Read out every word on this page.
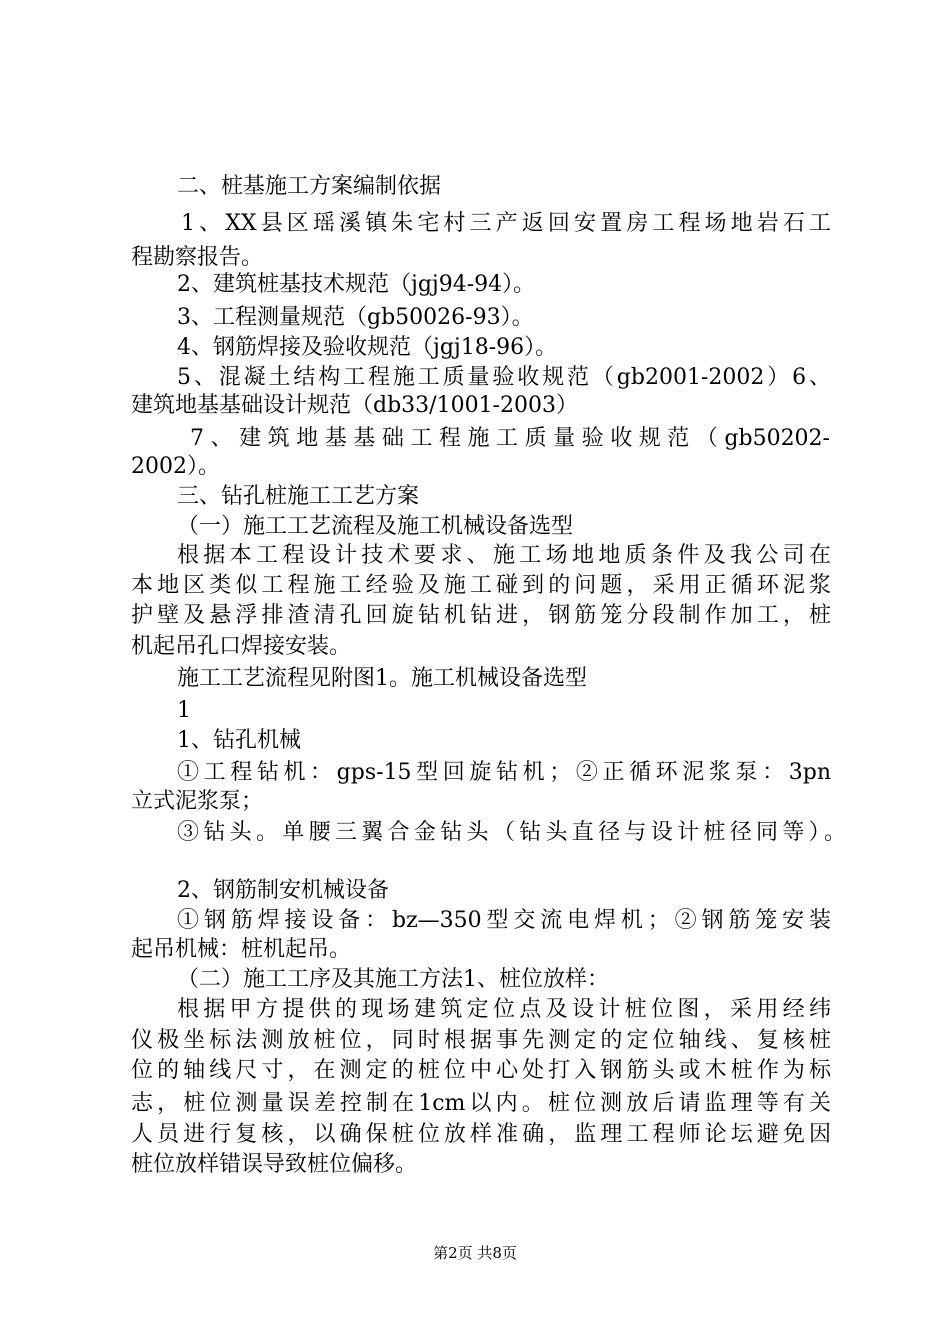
二、桩基施工方案编制依据
1、XX县区瑶溪镇朱宅村三产返回安置房工程场地岩石工
程勘察报告。
2、建筑桩基技术规范（jgj94-94）。
3、工程测量规范（gb50026-93）。
4、钢筋焊接及验收规范（jgj18-96）。
5、混凝土结构工程施工质量验收规范（gb2001-2002）6、
建筑地基基础设计规范（db33/1001-2003）
7、建筑地基基础工程施工质量验收规范（gb50202-
2002）。
三、钻孔桩施工工艺方案
（一）施工工艺流程及施工机械设备选型
根据本工程设计技术要求、施工场地地质条件及我公司在
本地区类似工程施工经验及施工碰到的问题，采用正循环泥浆
护壁及悬浮排渣清孔回旋钻机钻进，钢筋笼分段制作加工，桩
机起吊孔口焊接安装。
施工工艺流程见附图1。施工机械设备选型
1
1、钻孔机械
①工程钻机：gps-15型回旋钻机；②正循环泥浆泵：3pn
立式泥浆泵；
③钻头。单腰三翼合金钻头（钻头直径与设计桩径同等）。
2、钢筋制安机械设备
①钢筋焊接设备：bz—350型交流电焊机；②钢筋笼安装
起吊机械：桩机起吊。
（二）施工工序及其施工方法1、桩位放样：
根据甲方提供的现场建筑定位点及设计桩位图，采用经纬
仪极坐标法测放桩位，同时根据事先测定的定位轴线、复核桩
位的轴线尺寸，在测定的桩位中心处打入钢筋头或木桩作为标
志，桩位测量误差控制在1cm以内。桩位测放后请监理等有关
人员进行复核，以确保桩位放样准确，监理工程师论坛避免因
桩位放样错误导致桩位偏移。
第2页 共8页
